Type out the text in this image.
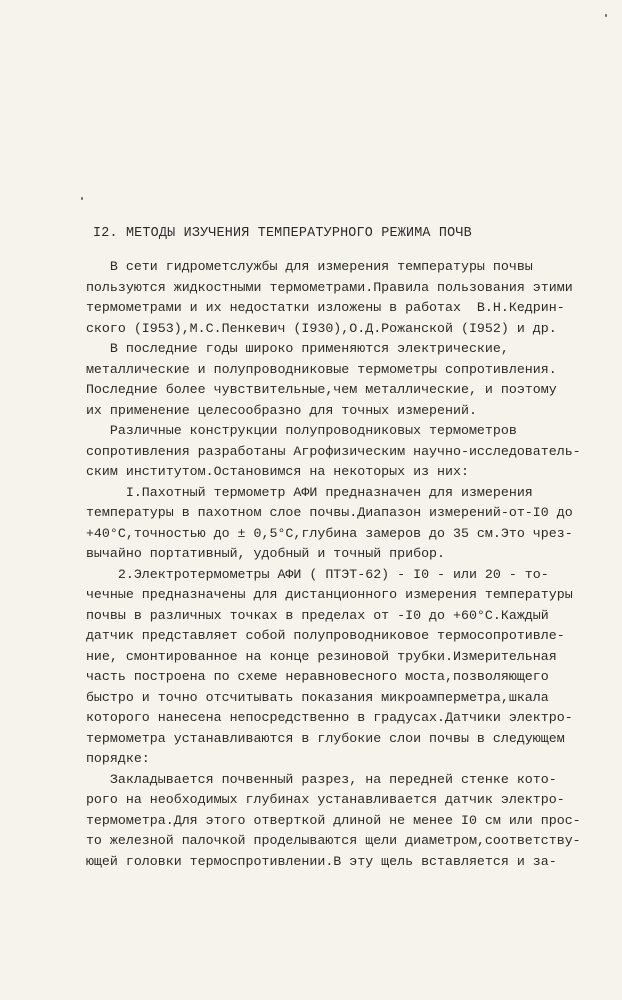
I2. МЕТОДЫ ИЗУЧЕНИЯ ТЕМПЕРАТУРНОГО РЕЖИМА ПОЧВ
В сети гидрометслужбы для измерения температуры почвы
пользуются жидкостными термометрами.Правила пользования этими
термометрами и их недостатки изложены в работах  В.Н.Кедрин-
ского (I953),М.С.Пенкевич (I930),О.Д.Рожанской (I952) и др.
В последние годы широко применяются электрические,
металлические и полупроводниковые термометры сопротивления.
Последние более чувствительные,чем металлические, и поэтому
их применение целесообразно для точных измерений.
Различные конструкции полупроводниковых термометров
сопротивления разработаны Агрофизическим научно-исследователь-
ским институтом.Остановимся на некоторых из них:
I.Пахотный термометр АФИ предназначен для измерения
температуры в пахотном слое почвы.Диапазон измерений-от-I0 до
+40°С,точностью до ± 0,5°С,глубина замеров до 35 см.Это чрез-
вычайно портативный, удобный и точный прибор.
2.Электротермометры АФИ ( ПТЭТ-62) - I0 - или 20 - то-
чечные предназначены для дистанционного измерения температуры
почвы в различных точках в пределах от -I0 до +60°С.Каждый
датчик представляет собой полупроводниковое термосопротивле-
ние, смонтированное на конце резиновой трубки.Измерительная
часть построена по схеме неравновесного моста,позволяющего
быстро и точно отсчитывать показания микроамперметра,шкала
которого нанесена непосредственно в градусах.Датчики электро-
термометра устанавливаются в глубокие слои почвы в следующем
порядке:
Закладывается почвенный разрез, на передней стенке кото-
рого на необходимых глубинах устанавливается датчик электро-
термометра.Для этого отверткой длиной не менее I0 см или прос-
то железной палочкой проделываются щели диаметром,соответству-
ющей головки термоспротивлении.В эту щель вставляется и за-
